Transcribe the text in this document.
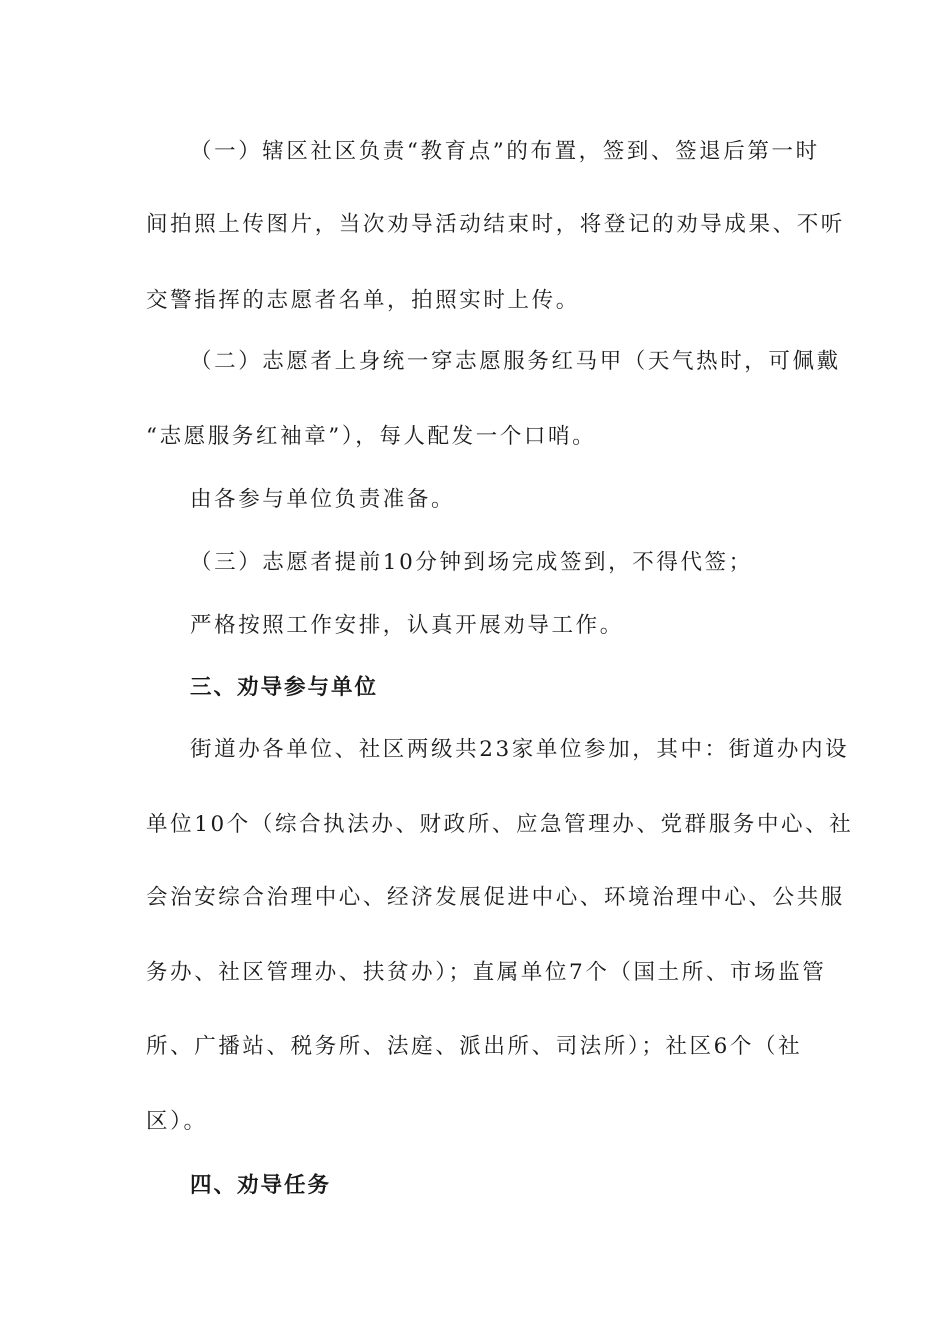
（一）辖区社区负责“教育点”的布置，签到、签退后第一时
间拍照上传图片，当次劝导活动结束时，将登记的劝导成果、不听
交警指挥的志愿者名单，拍照实时上传。
（二）志愿者上身统一穿志愿服务红马甲（天气热时，可佩戴
“志愿服务红袖章”），每人配发一个口哨。
由各参与单位负责准备。
（三）志愿者提前10分钟到场完成签到，不得代签；
严格按照工作安排，认真开展劝导工作。
三、劝导参与单位
街道办各单位、社区两级共23家单位参加，其中：街道办内设
单位10个（综合执法办、财政所、应急管理办、党群服务中心、社
会治安综合治理中心、经济发展促进中心、环境治理中心、公共服
务办、社区管理办、扶贫办）；直属单位7个（国土所、市场监管
所、广播站、税务所、法庭、派出所、司法所）；社区6个（社
区）。
四、劝导任务
